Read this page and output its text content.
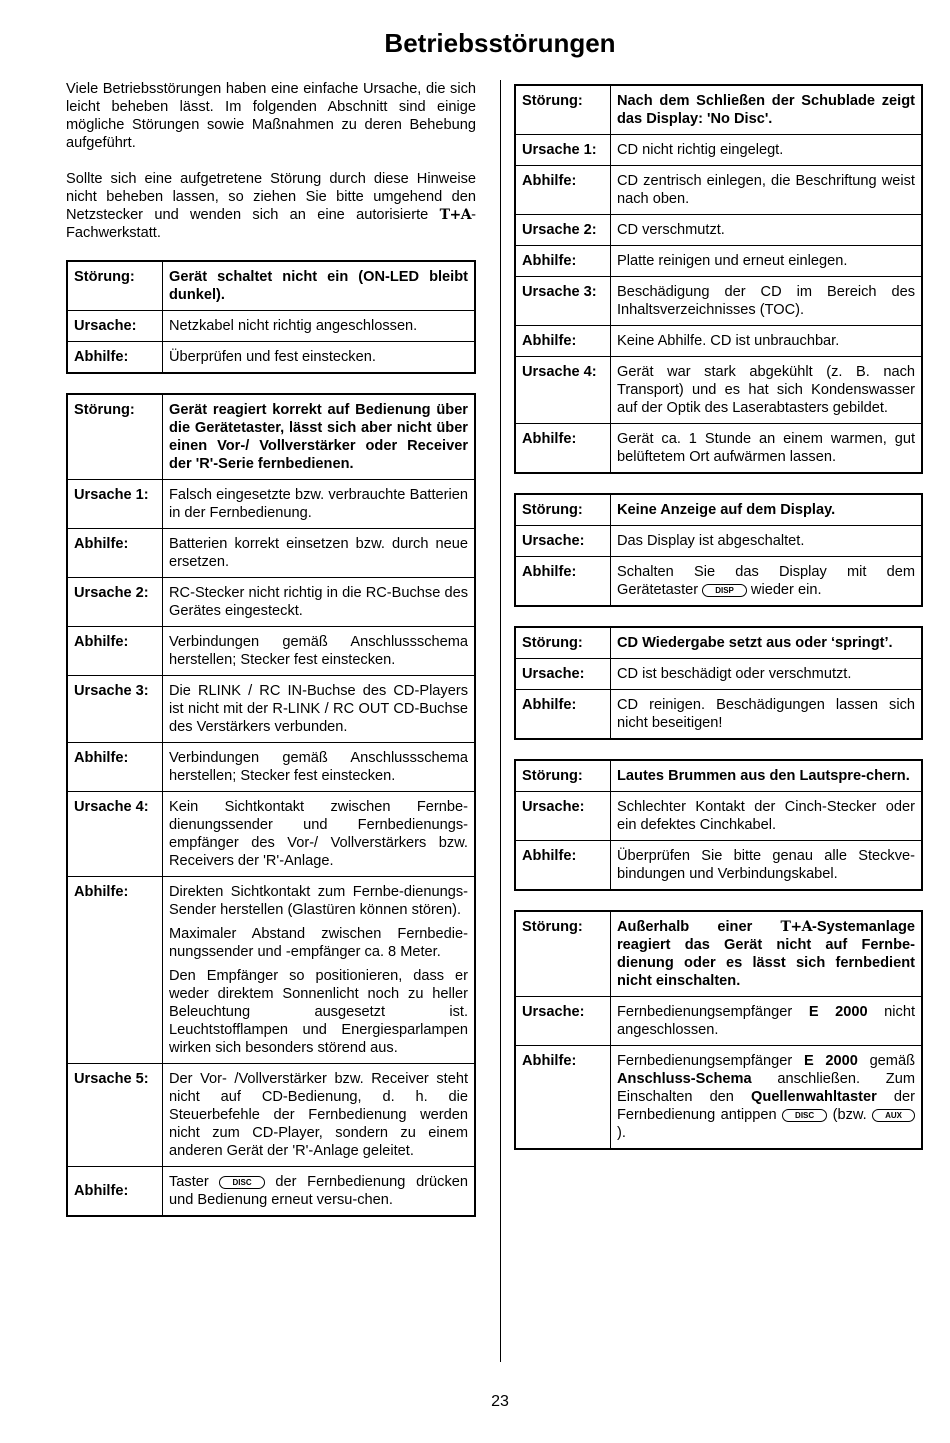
Betriebsstörungen

Viele Betriebsstörungen haben eine einfache Ursache, die sich leicht beheben lässt. Im folgenden Abschnitt sind einige mögliche Störungen sowie Maßnahmen zu deren Behebung aufgeführt.

Sollte sich eine aufgetretene Störung durch diese Hinweise nicht beheben lassen, so ziehen Sie bitte umgehend den Netzstecker und wenden sich an eine autorisierte T+A-Fachwerkstatt.

Störung:	Gerät schaltet nicht ein (ON-LED bleibt dunkel).
Ursache:	Netzkabel nicht richtig angeschlossen.
Abhilfe:	Überprüfen und fest einstecken.
Störung:	Gerät reagiert korrekt auf Bedienung über die Gerätetaster, lässt sich aber nicht über einen Vor-/ Vollverstärker oder Receiver der 'R'-Serie fernbedienen.
Ursache 1:	Falsch eingesetzte bzw. verbrauchte Batterien in der Fernbedienung.
Abhilfe:	Batterien korrekt einsetzen bzw. durch neue ersetzen.
Ursache 2:	RC-Stecker nicht richtig in die RC-Buchse des Gerätes eingesteckt.
Abhilfe:	Verbindungen gemäß Anschlussschema herstellen; Stecker fest einstecken.
Ursache 3:	Die RLINK / RC IN-Buchse des CD-Players ist nicht mit der R-LINK / RC OUT CD-Buchse des Verstärkers verbunden.
Abhilfe:	Verbindungen gemäß Anschlussschema herstellen; Stecker fest einstecken.
Ursache 4:	Kein Sichtkontakt zwischen Fernbe-dienungssender und Fernbedienungs-empfänger des Vor-/ Vollverstärkers bzw. Receivers der 'R'-Anlage.
Abhilfe:	Direkten Sichtkontakt zum Fernbe-dienungs-Sender herstellen (Glastüren können stören).
Maximaler Abstand zwischen Fernbedie-nungssender und -empfänger ca. 8 Meter.
Den Empfänger so positionieren, dass er weder direktem Sonnenlicht noch zu heller Beleuchtung ausgesetzt ist. Leuchtstofflampen und Energiesparlampen wirken sich besonders störend aus.

Ursache 5:	Der Vor- /Vollverstärker bzw. Receiver steht nicht auf CD-Bedienung, d. h. die Steuerbefehle der Fernbedienung werden nicht zum CD-Player, sondern zu einem anderen Gerät der 'R'-Anlage geleitet.
Abhilfe:	Taster DISC der Fernbedienung drücken und Bedienung erneut versu-chen.
Störung:	Nach dem Schließen der Schublade zeigt das Display: 'No Disc'.
Ursache 1:	CD nicht richtig eingelegt.
Abhilfe:	CD zentrisch einlegen, die Beschriftung weist nach oben.
Ursache 2:	CD verschmutzt.
Abhilfe:	Platte reinigen und erneut einlegen.
Ursache 3:	Beschädigung der CD im Bereich des Inhaltsverzeichnisses (TOC).
Abhilfe:	Keine Abhilfe. CD ist unbrauchbar.
Ursache 4:	Gerät war stark abgekühlt (z. B. nach Transport) und es hat sich Kondenswasser auf der Optik des Laserabtasters gebildet.
Abhilfe:	Gerät ca. 1 Stunde an einem warmen, gut belüftetem Ort aufwärmen lassen.
Störung:	Keine Anzeige auf dem Display.
Ursache:	Das Display ist abgeschaltet.
Abhilfe:	Schalten Sie das Display mit dem Gerätetaster DISP wieder ein.
Störung:	CD Wiedergabe setzt aus oder ‘springt’.
Ursache:	CD ist beschädigt oder verschmutzt.
Abhilfe:	CD reinigen. Beschädigungen lassen sich nicht beseitigen!
Störung:	Lautes Brummen aus den Lautspre-chern.
Ursache:	Schlechter Kontakt der Cinch-Stecker oder ein defektes Cinchkabel.
Abhilfe:	Überprüfen Sie bitte genau alle Steckve-bindungen und Verbindungskabel.
Störung:	Außerhalb einer T+A-Systemanlage reagiert das Gerät nicht auf Fernbe-dienung oder es lässt sich fernbedient nicht einschalten.
Ursache:	Fernbedienungsempfänger E 2000 nicht angeschlossen.
Abhilfe:	Fernbedienungsempfänger E 2000 gemäß Anschluss-Schema anschließen. Zum Einschalten den Quellenwahltaster der Fernbedienung antippen DISC (bzw. AUX).
23
